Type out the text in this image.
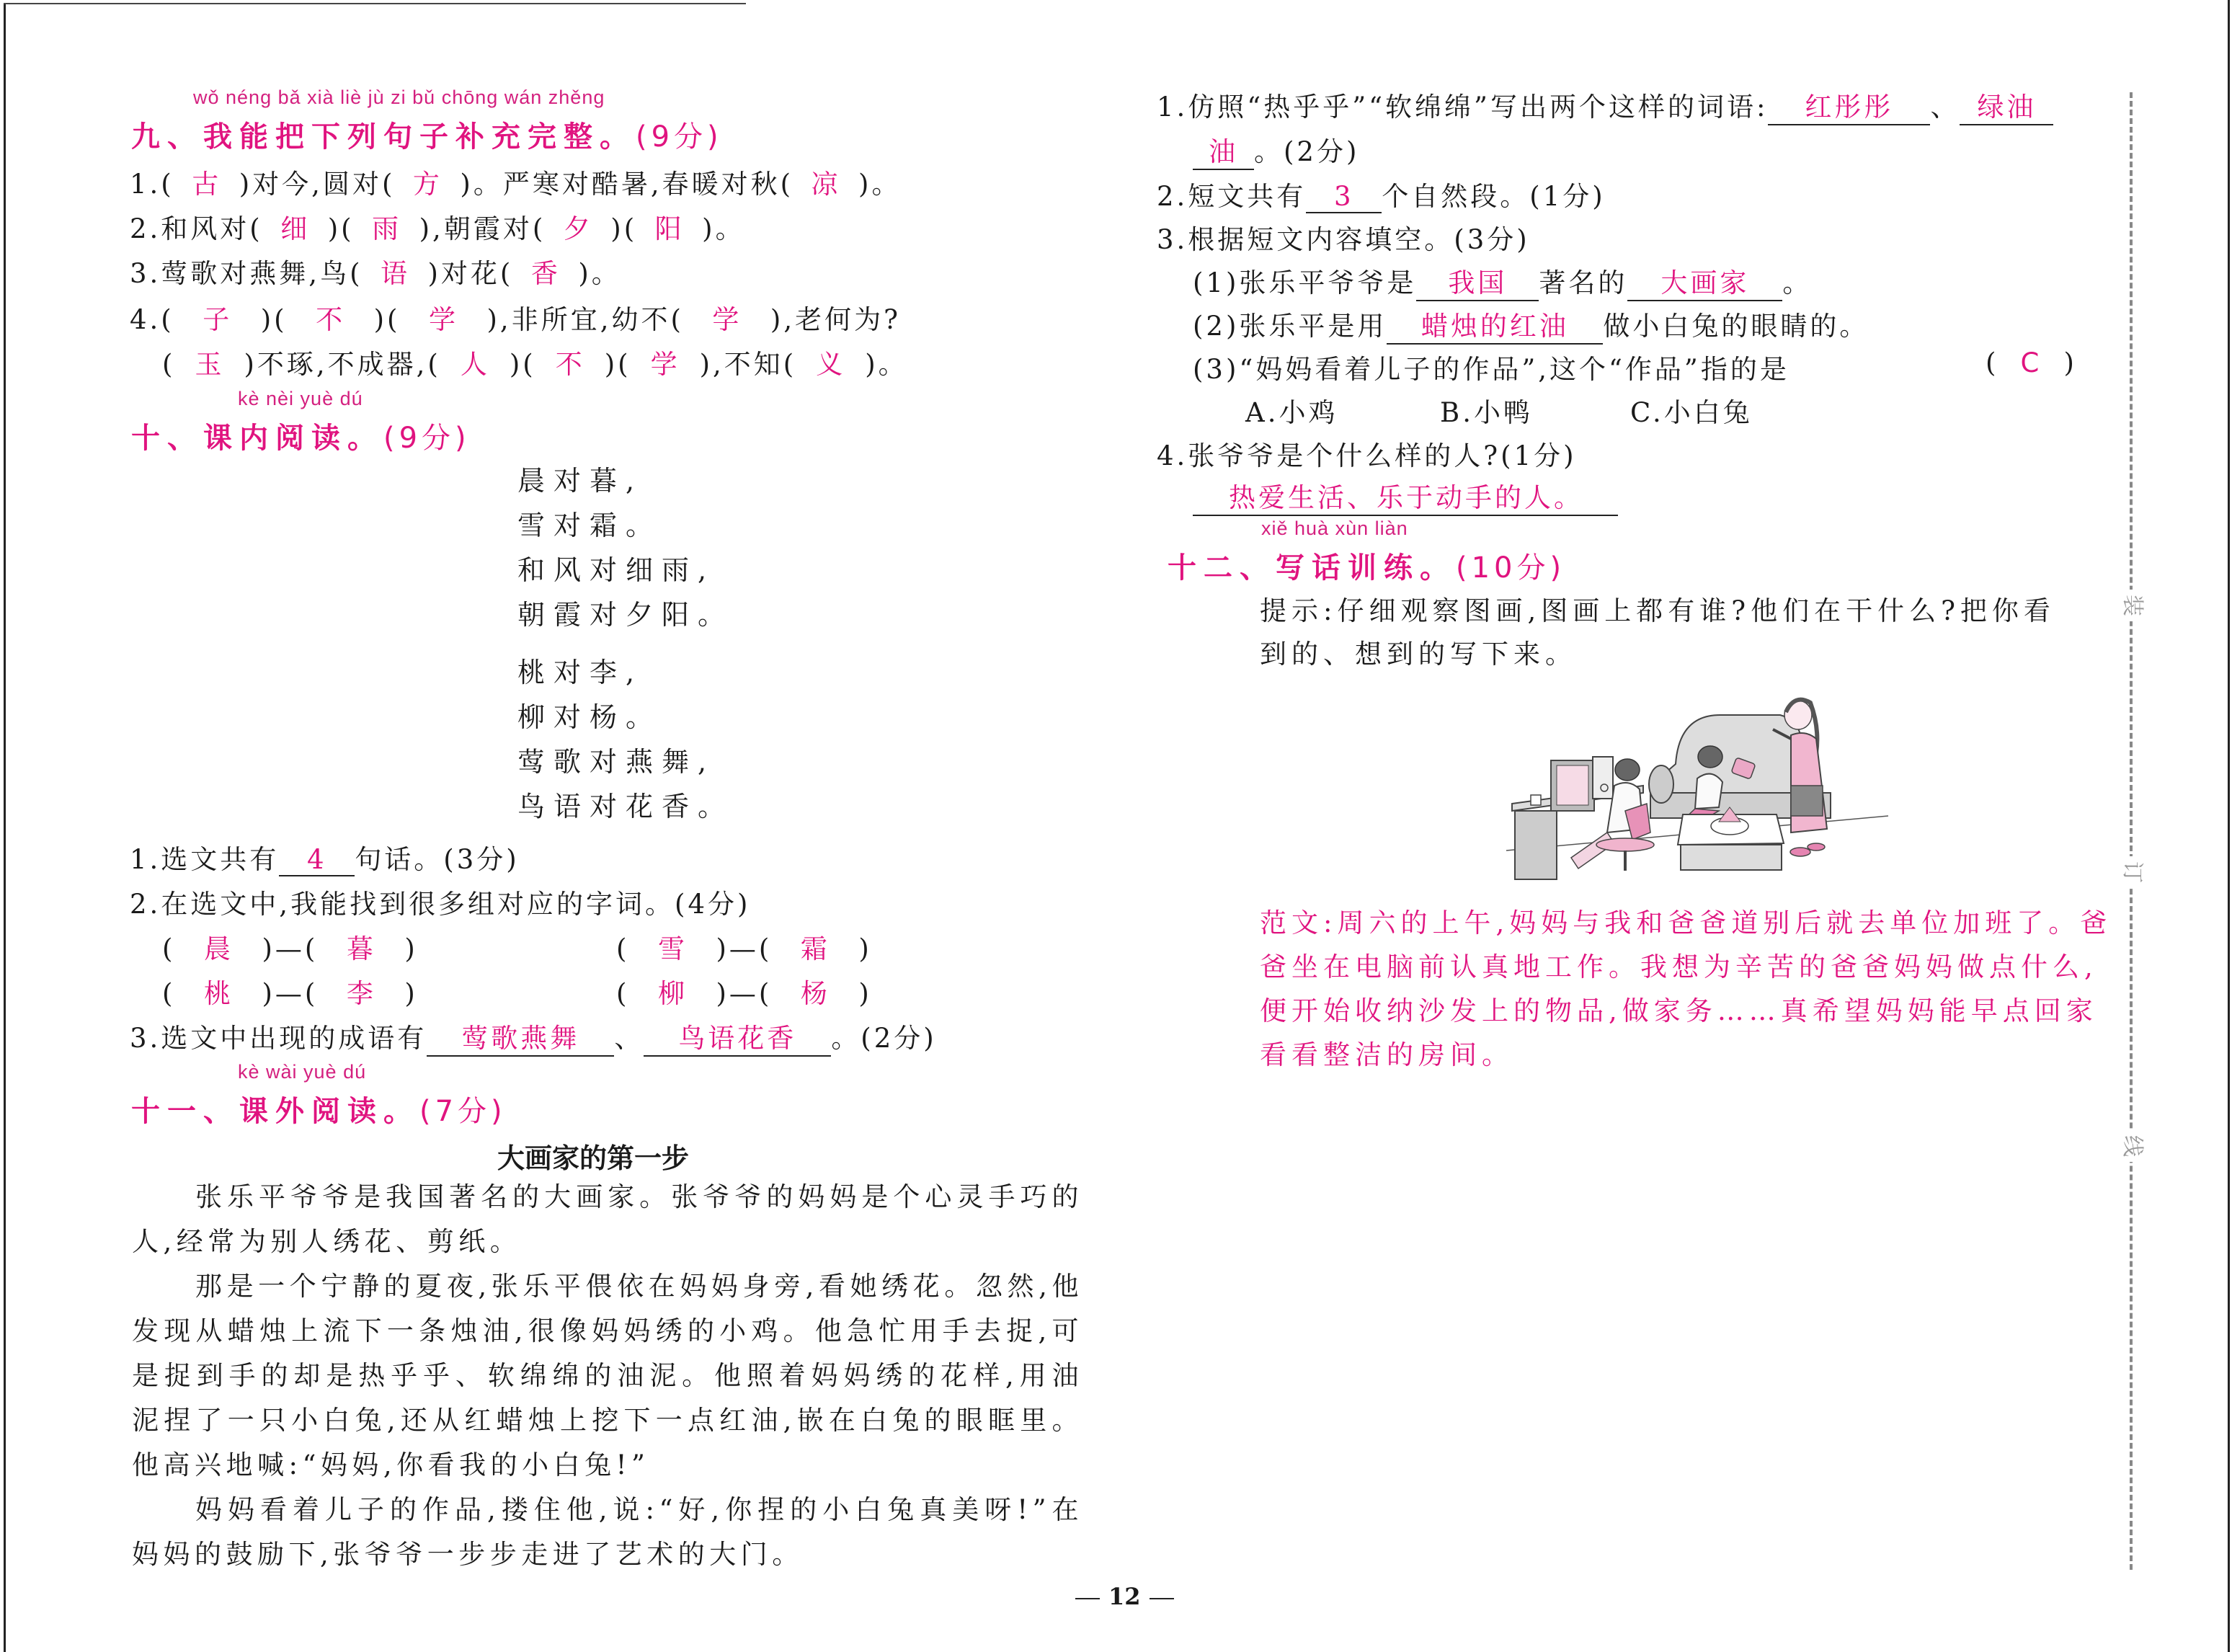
装
订
线
wǒ néng bǎ xià liè jù zi bǔ chōng wán zhěng
九、我能把下列句子补充完整。(9分)
1.( 古 )对今,圆对( 方 )。严寒对酷暑,春暖对秋( 凉 )。
2.和风对( 细 )( 雨 ),朝霞对( 夕 )( 阳 )。
3.莺歌对燕舞,鸟( 语 )对花( 香 )。
4.( 子 )( 不 )( 学 ),非所宜,幼不( 学 ),老何为?
( 玉 )不琢,不成器,( 人 )( 不 )( 学 ),不知( 义 )。
kè nèi yuè dú
十、课内阅读。(9分)
晨对暮,
雪对霜。
和风对细雨,
朝霞对夕阳。
桃对李,
柳对杨。
莺歌对燕舞,
鸟语对花香。
1.选文共有 4 句话。(3分)
2.在选文中,我能找到很多组对应的字词。(4分)
( 晨 )—( 暮 )	( 雪 )—( 霜 )
( 桃 )—( 李 )	( 柳 )—( 杨 )
3.选文中出现的成语有 莺歌燕舞 、 鸟语花香 。(2分)
kè wài yuè dú
十一、课外阅读。(7分)
大画家的第一步
张乐平爷爷是我国著名的大画家。张爷爷的妈妈是个心灵手巧的人,经常为别人绣花、剪纸。
那是一个宁静的夏夜,张乐平偎依在妈妈身旁,看她绣花。忽然,他发现从蜡烛上流下一条烛油,很像妈妈绣的小鸡。他急忙用手去捉,可是捉到手的却是热乎乎、软绵绵的油泥。他照着妈妈绣的花样,用油泥捏了一只小白兔,还从红蜡烛上挖下一点红油,嵌在白兔的眼眶里。他高兴地喊:“妈妈,你看我的小白兔!”
妈妈看着儿子的作品,搂住他,说:“好,你捏的小白兔真美呀!”在妈妈的鼓励下,张爷爷一步步走进了艺术的大门。
12
1.仿照“热乎乎”“软绵绵”写出两个这样的词语: 红彤彤 、 绿油
油 。(2分)
2.短文共有 3 个自然段。(1分)
3.根据短文内容填空。(3分)
(1)张乐平爷爷是 我国 著名的 大画家 。
(2)张乐平是用 蜡烛的红油 做小白兔的眼睛的。
(3)“妈妈看着儿子的作品”,这个“作品”指的是	( C )
A.小鸡	B.小鸭	C.小白兔
4.张爷爷是个什么样的人?(1分)
热爱生活、乐于动手的人。
xiě huà xùn liàn
十二、写话训练。(10分)
提示:仔细观察图画,图画上都有谁?他们在干什么?把你看
到的、想到的写下来。
范文:周六的上午,妈妈与我和爸爸道别后就去单位加班了。爸爸坐在电脑前认真地工作。我想为辛苦的爸爸妈妈做点什么,便开始收纳沙发上的物品,做家务……真希望妈妈能早点回家看看整洁的房间。
